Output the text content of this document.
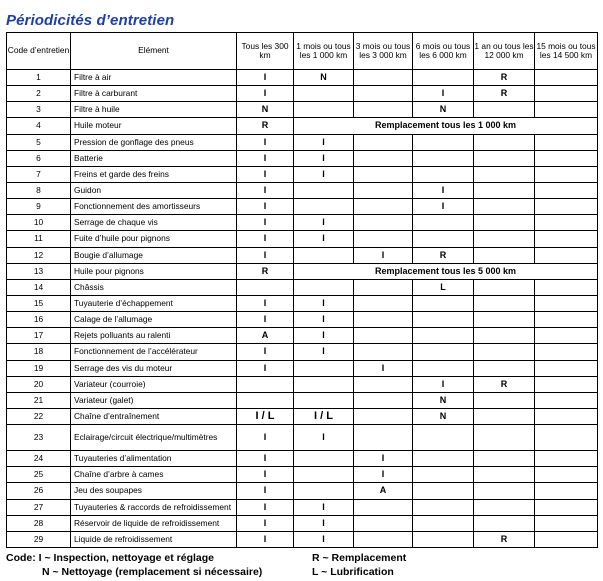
Périodicités d’entretien
Code d’entretien	Elément	Tous les 300 km	1 mois ou tous les 1 000 km	3 mois ou tous les 3 000 km	6 mois ou tous les 6 000 km	1 an ou tous les 12 000 km	15 mois ou tous les 14 500 km
1	Filtre à air	I	N			R	
2	Filtre à carburant	I			I	R	
3	Filtre à huile	N			N		
4	Huile moteur	R	Remplacement tous les 1 000 km				
5	Pression de gonflage des pneus	I	I				
6	Batterie	I	I				
7	Freins et garde des freins	I	I				
8	Guidon	I			I		
9	Fonctionnement des amortisseurs	I			I		
10	Serrage de chaque vis	I	I				
11	Fuite d’huile pour pignons	I	I				
12	Bougie d’allumage	I		I	R		
13	Huile pour pignons	R	Remplacement tous les 5 000 km				
14	Châssis				L		
15	Tuyauterie d’échappement	I	I				
16	Calage de l’allumage	I	I				
17	Rejets polluants au ralenti	A	I				
18	Fonctionnement de l’accélérateur	I	I				
19	Serrage des vis du moteur	I		I			
20	Variateur (courroie)				I	R	
21	Variateur (galet)				N		
22	Chaîne d’entraînement	I / L	I / L		N		
23	Eclairage/circuit électrique/multimètres	I	I				
24	Tuyauteries d’alimentation	I		I			
25	Chaîne d’arbre à cames	I		I			
26	Jeu des soupapes	I		A			
27	Tuyauteries & raccords de refroidissement	I	I				
28	Réservoir de liquide de refroidissement	I	I				
29	Liquide de refroidissement	I	I			R	
Code: I ~ Inspection, nettoyage et réglage	R ~ Remplacement
N ~ Nettoyage (remplacement si nécessaire)	L ~ Lubrification
